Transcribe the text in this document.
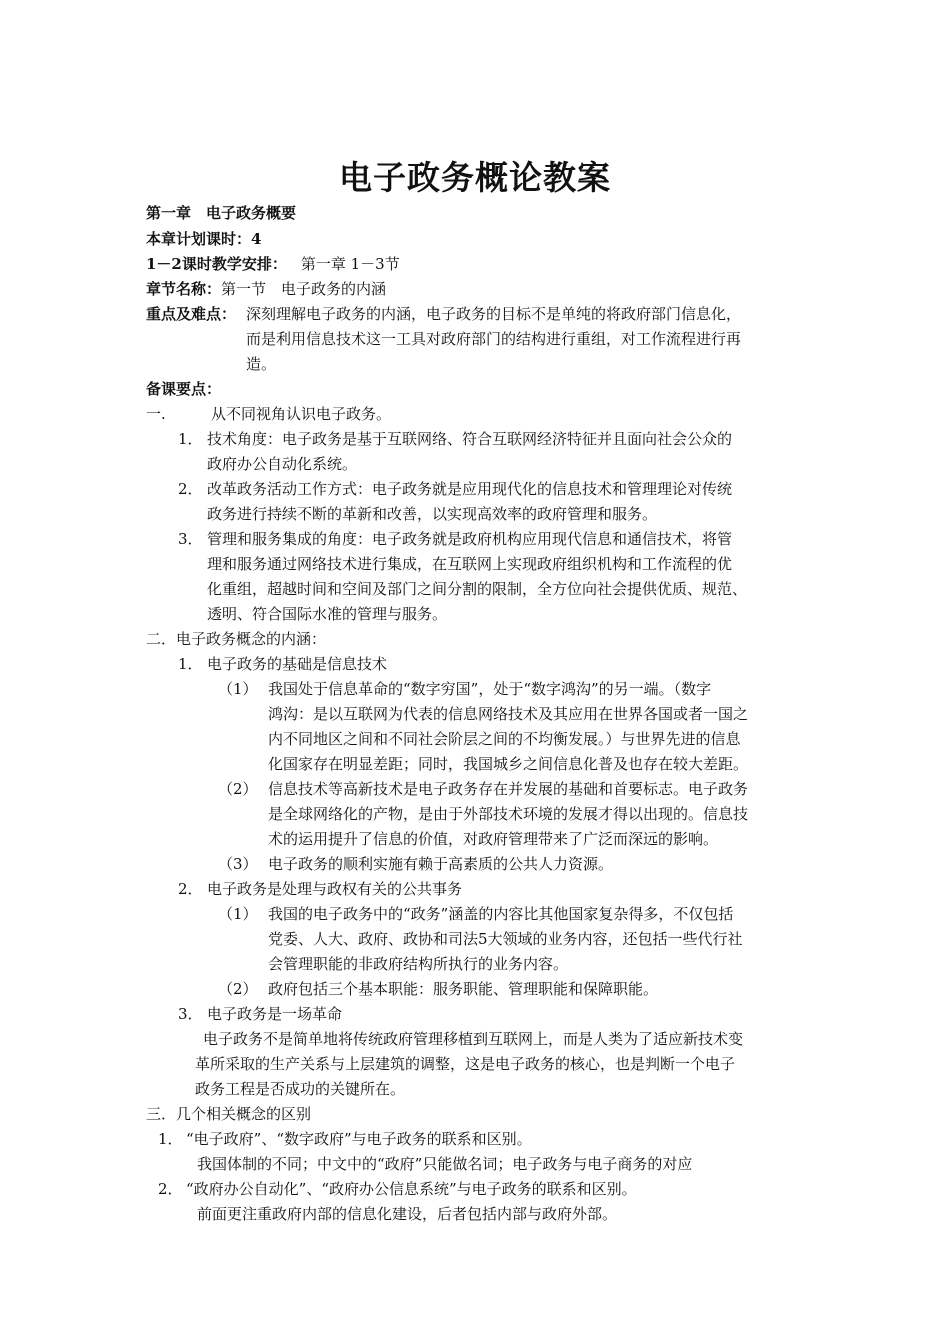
电子政务概论教案
第一章　电子政务概要
本章计划课时：4
1－2课时教学安排： 第一章 1－3节
章节名称：第一节　电子政务的内涵
重点及难点： 深刻理解电子政务的内涵，电子政务的目标不是单纯的将政府部门信息化，
而是利用信息技术这一工具对政府部门的结构进行重组，对工作流程进行再
造。
备课要点：
一.	从不同视角认识电子政务。
1． 技术角度：电子政务是基于互联网络、符合互联网经济特征并且面向社会公众的
政府办公自动化系统。
2． 改革政务活动工作方式：电子政务就是应用现代化的信息技术和管理理论对传统
政务进行持续不断的革新和改善，以实现高效率的政府管理和服务。
3． 管理和服务集成的角度：电子政务就是政府机构应用现代信息和通信技术，将管
理和服务通过网络技术进行集成，在互联网上实现政府组织机构和工作流程的优
化重组，超越时间和空间及部门之间分割的限制，全方位向社会提供优质、规范、
透明、符合国际水准的管理与服务。
二．电子政务概念的内涵：
1． 电子政务的基础是信息技术
（1） 我国处于信息革命的“数字穷国”，处于“数字鸿沟”的另一端。（数字
鸿沟：是以互联网为代表的信息网络技术及其应用在世界各国或者一国之
内不同地区之间和不同社会阶层之间的不均衡发展。）与世界先进的信息
化国家存在明显差距；同时，我国城乡之间信息化普及也存在较大差距。
（2） 信息技术等高新技术是电子政务存在并发展的基础和首要标志。电子政务
是全球网络化的产物，是由于外部技术环境的发展才得以出现的。信息技
术的运用提升了信息的价值，对政府管理带来了广泛而深远的影响。
（3） 电子政务的顺利实施有赖于高素质的公共人力资源。
2． 电子政务是处理与政权有关的公共事务
（1） 我国的电子政务中的“政务”涵盖的内容比其他国家复杂得多，不仅包括
党委、人大、政府、政协和司法5大领域的业务内容，还包括一些代行社
会管理职能的非政府结构所执行的业务内容。
（2） 政府包括三个基本职能：服务职能、管理职能和保障职能。
3． 电子政务是一场革命
电子政务不是简单地将传统政府管理移植到互联网上，而是人类为了适应新技术变
革所采取的生产关系与上层建筑的调整，这是电子政务的核心，也是判断一个电子
政务工程是否成功的关键所在。
三．几个相关概念的区别
1． “电子政府”、“数字政府”与电子政务的联系和区别。
我国体制的不同；中文中的“政府”只能做名词；电子政务与电子商务的对应
2． “政府办公自动化”、“政府办公信息系统”与电子政务的联系和区别。
前面更注重政府内部的信息化建设，后者包括内部与政府外部。
